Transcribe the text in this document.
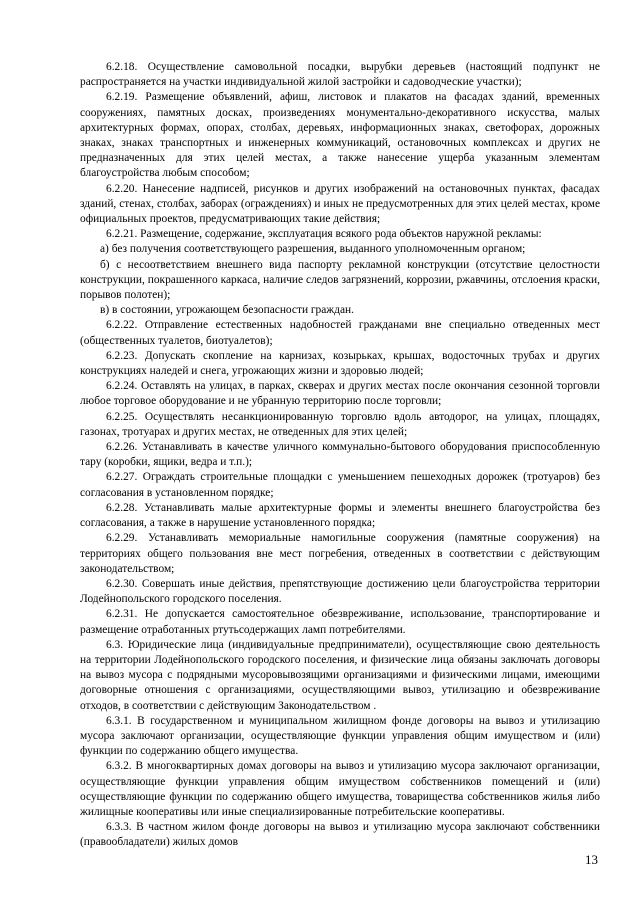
6.2.18. Осуществление самовольной посадки, вырубки деревьев (настоящий подпункт не распространяется на участки индивидуальной жилой застройки и садоводческие участки);

6.2.19. Размещение объявлений, афиш, листовок и плакатов на фасадах зданий, временных сооружениях, памятных досках, произведениях монументально-декоративного искусства, малых архитектурных формах, опорах, столбах, деревьях, информационных знаках, светофорах, дорожных знаках, знаках транспортных и инженерных коммуникаций, остановочных комплексах и других не предназначенных для этих целей местах, а также нанесение ущерба указанным элементам благоустройства любым способом;

6.2.20. Нанесение надписей, рисунков и других изображений на остановочных пунктах, фасадах зданий, стенах, столбах, заборах (ограждениях) и иных не предусмотренных для этих целей местах, кроме официальных проектов, предусматривающих такие действия;

6.2.21. Размещение, содержание, эксплуатация всякого рода объектов наружной рекламы:

а) без получения соответствующего разрешения, выданного уполномоченным органом;

б) с несоответствием внешнего вида паспорту рекламной конструкции (отсутствие целостности конструкции, покрашенного каркаса, наличие следов загрязнений, коррозии, ржавчины, отслоения краски, порывов полотен);

в) в состоянии, угрожающем безопасности граждан.

6.2.22. Отправление естественных надобностей гражданами вне специально отведенных мест (общественных туалетов, биотуалетов);

6.2.23. Допускать скопление на карнизах, козырьках, крышах, водосточных трубах и других конструкциях наледей и снега, угрожающих жизни и здоровью людей;

6.2.24. Оставлять на улицах, в парках, скверах и других местах после окончания сезонной торговли любое торговое оборудование и не убранную территорию после торговли;

6.2.25. Осуществлять несанкционированную торговлю вдоль автодорог, на улицах, площадях, газонах, тротуарах и других местах, не отведенных для этих целей;

6.2.26. Устанавливать в качестве уличного коммунально-бытового оборудования приспособленную тару (коробки, ящики, ведра и т.п.);

6.2.27. Ограждать строительные площадки с уменьшением пешеходных дорожек (тротуаров) без согласования в установленном порядке;

6.2.28. Устанавливать малые архитектурные формы и элементы внешнего благоустройства без согласования, а также в нарушение установленного порядка;

6.2.29. Устанавливать мемориальные намогильные сооружения (памятные сооружения) на территориях общего пользования вне мест погребения, отведенных в соответствии с действующим законодательством;

6.2.30. Совершать иные действия, препятствующие достижению цели благоустройства территории Лодейнопольского городского поселения.

6.2.31. Не допускается самостоятельное обезвреживание, использование, транспортирование и размещение отработанных ртутьсодержащих ламп потребителями.

6.3. Юридические лица (индивидуальные предприниматели), осуществляющие свою деятельность на территории Лодейнопольского городского поселения, и физические лица обязаны заключать договоры на вывоз мусора с подрядными мусоровывозящими организациями и физическими лицами, имеющими договорные отношения с организациями, осуществляющими вывоз, утилизацию и обезвреживание отходов, в соответствии с действующим Законодательством .

6.3.1. В государственном и муниципальном жилищном фонде договоры на вывоз и утилизацию мусора заключают организации, осуществляющие функции управления общим имуществом и (или) функции по содержанию общего имущества.

6.3.2. В многоквартирных домах договоры на вывоз и утилизацию мусора заключают организации, осуществляющие функции управления общим имуществом собственников помещений и (или) осуществляющие функции по содержанию общего имущества, товарищества собственников жилья либо жилищные кооперативы или иные специализированные потребительские кооперативы.

6.3.3. В частном жилом фонде договоры на вывоз и утилизацию мусора заключают собственники (правообладатели) жилых домов

13
